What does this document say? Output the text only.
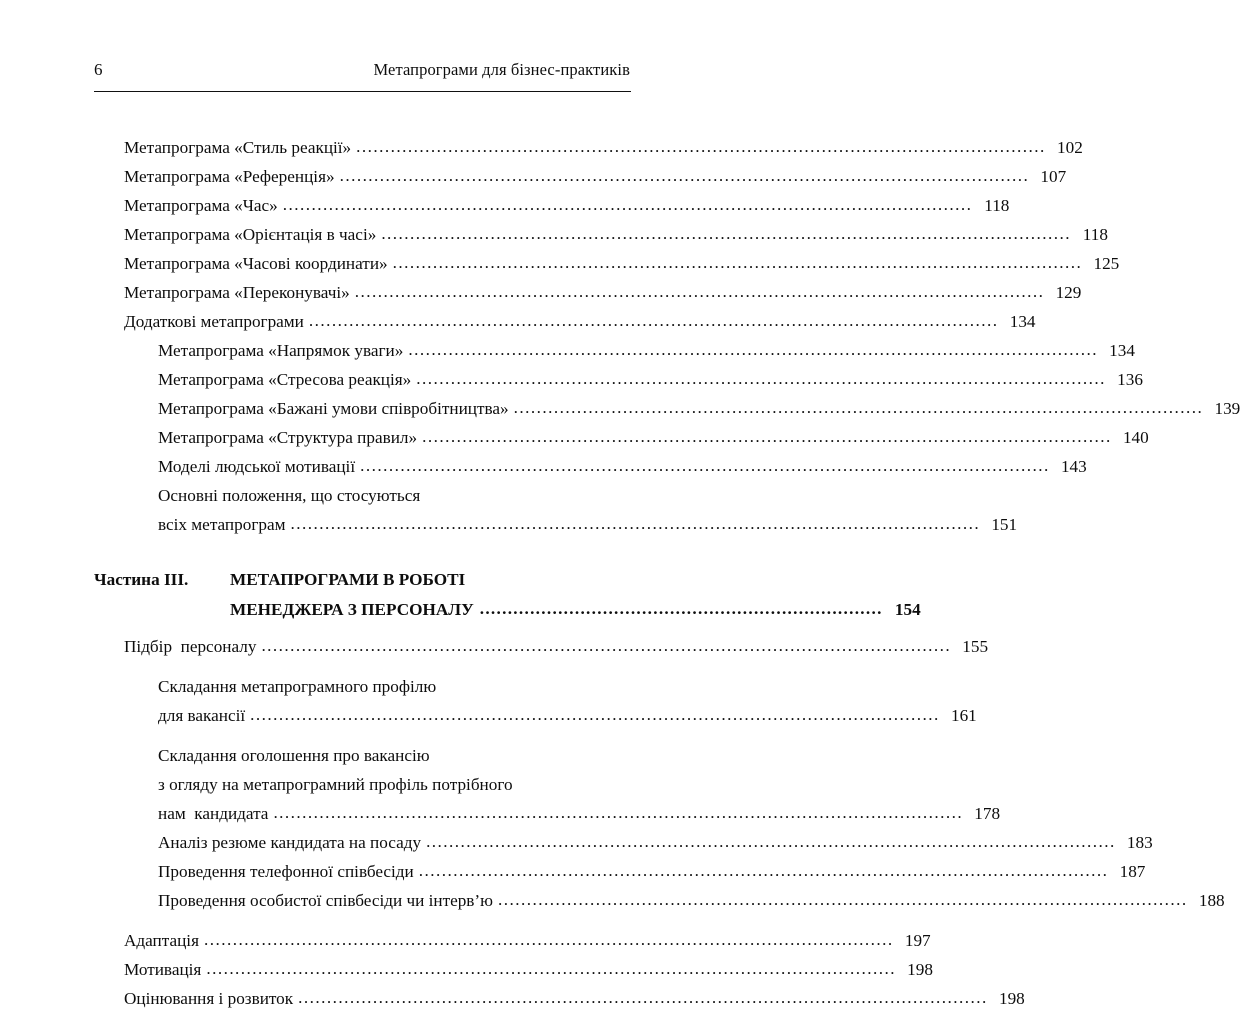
6	Метапрограми для бізнес-практиків
Метапрограма «Стиль реакції» .....	102
Метапрограма «Референція» .....	107
Метапрограма «Час» .....	118
Метапрограма «Орієнтація в часі» .....	118
Метапрограма «Часові координати» .....	125
Метапрограма «Переконувачі» .....	129
Додаткові метапрограми .....	134
Метапрограма «Напрямок уваги» .....	134
Метапрограма «Стресова реакція» .....	136
Метапрограма «Бажані умови співробітництва» .....	139
Метапрограма «Структура правил» .....	140
Моделі людської мотивації .....	143
Основні положення, що стосуються
всіх метапрограм .....	151
Частина III.	МЕТАПРОГРАМИ В РОБОТІ
МЕНЕДЖЕРА З ПЕРСОНАЛУ .....	154
Підбір  персоналу .....	155
Складання метапрограмного профілю
для вакансії .....	161
Складання оголошення про вакансію
з огляду на метапрограмний профіль потрібного
нам  кандидата .....	178
Аналіз резюме кандидата на посаду .....	183
Проведення телефонної співбесіди .....	187
Проведення особистої співбесіди чи інтерв’ю .....	188
Адаптація .....	197
Мотивація .....	198
Оцінювання і розвиток .....	198
